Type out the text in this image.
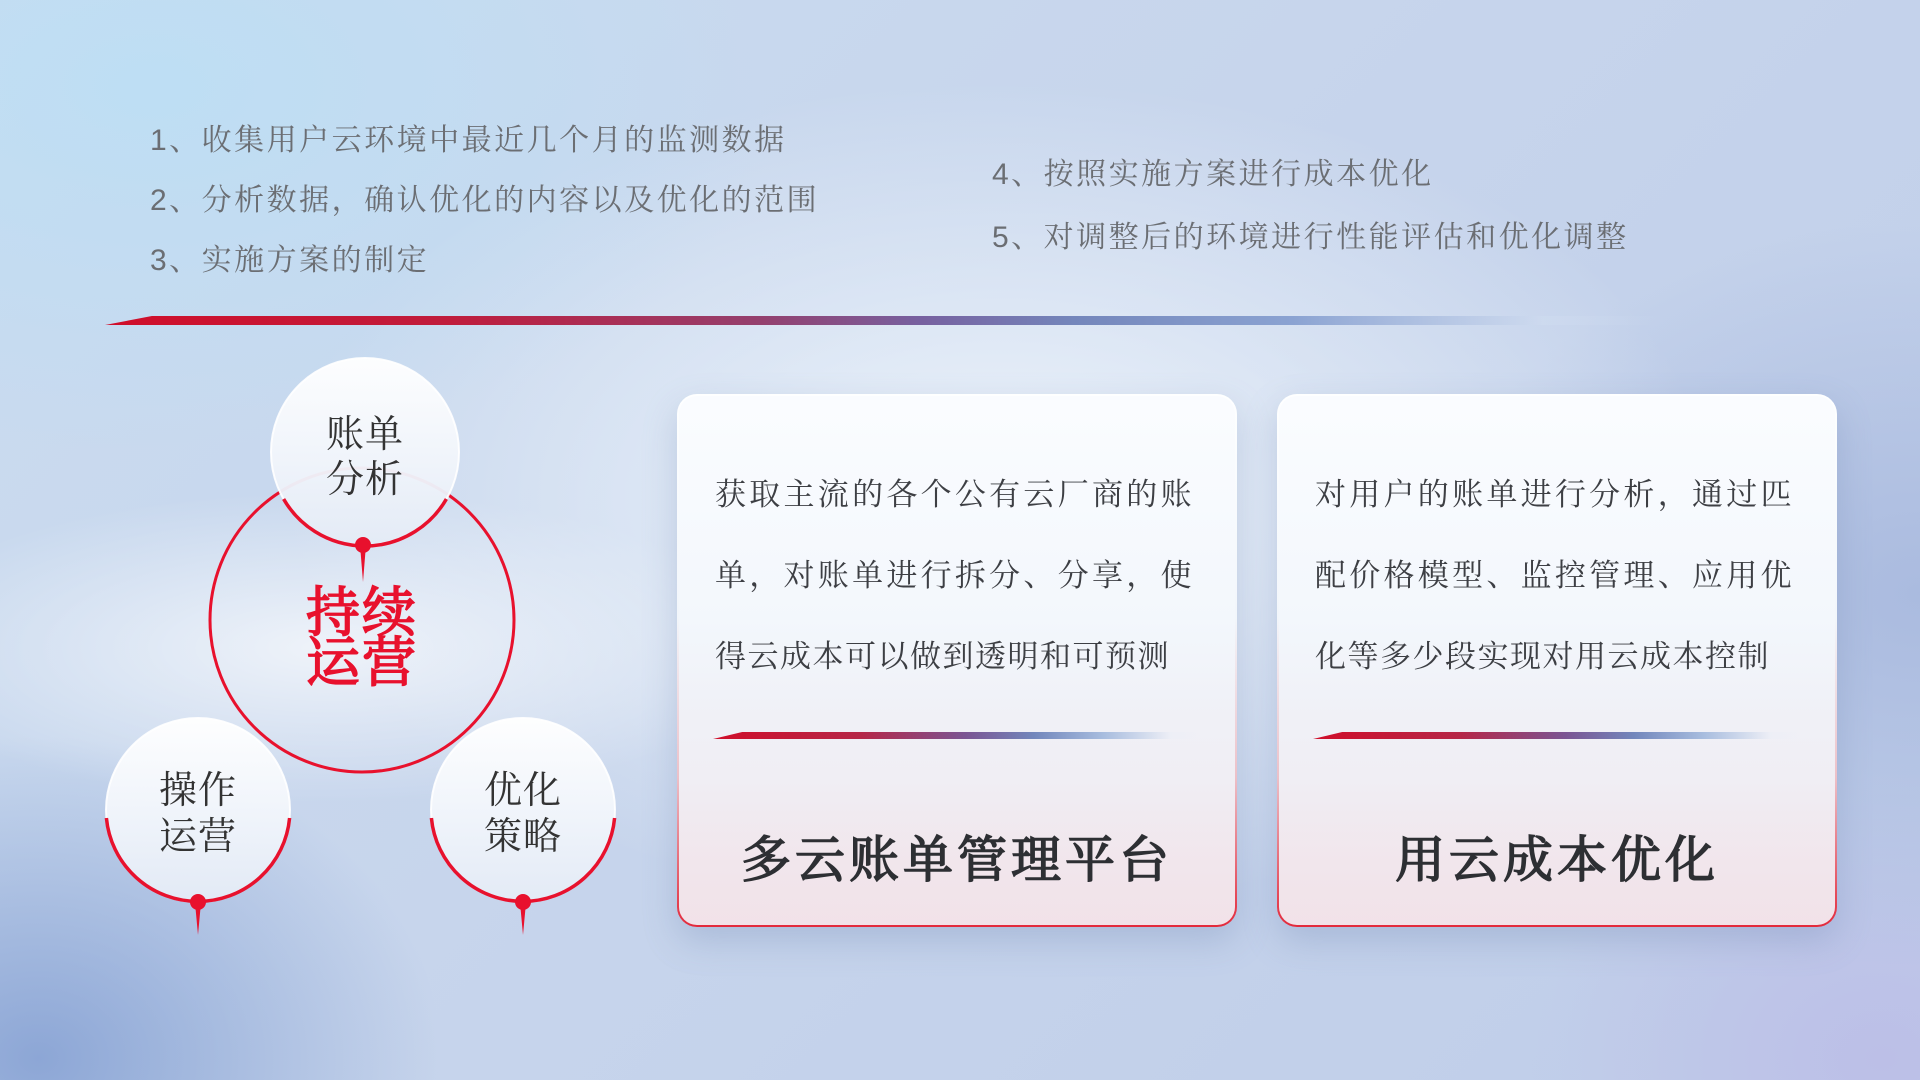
1、收集用户云环境中最近几个月的监测数据
2、分析数据，确认优化的内容以及优化的范围
3、实施方案的制定
4、按照实施方案进行成本优化
5、对调整后的环境进行性能评估和优化调整
账单
分析
持续
运营
操作
运营
优化
策略
获取主流的各个公有云厂商的账单，对账单进行拆分、分享，使得云成本可以做到透明和可预测
多云账单管理平台
对用户的账单进行分析，通过匹配价格模型、监控管理、应用优化等多少段实现对用云成本控制
用云成本优化
